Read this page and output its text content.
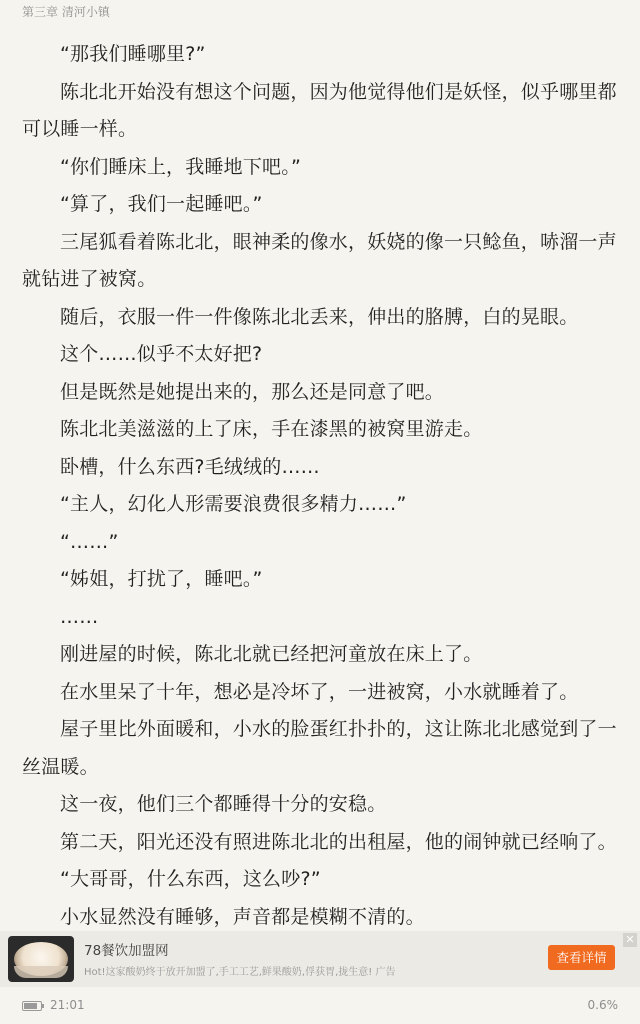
第三章 清河小镇

“那我们睡哪里?”

陈北北开始没有想这个问题，因为他觉得他们是妖怪，似乎哪里都可以睡一样。

“你们睡床上，我睡地下吧。”

“算了，我们一起睡吧。”

三尾狐看着陈北北，眼神柔的像水，妖娆的像一只鲶鱼，哧溜一声就钻进了被窝。

随后，衣服一件一件像陈北北丢来，伸出的胳膊，白的晃眼。

这个……似乎不太好把?

但是既然是她提出来的，那么还是同意了吧。

陈北北美滋滋的上了床，手在漆黑的被窝里游走。

卧槽，什么东西?毛绒绒的……

“主人，幻化人形需要浪费很多精力……”

“……”

“姊姐，打扰了，睡吧。”

……

刚进屋的时候，陈北北就已经把河童放在床上了。

在水里呆了十年，想必是冷坏了，一进被窝，小水就睡着了。

屋子里比外面暖和，小水的脸蛋红扑扑的，这让陈北北感觉到了一丝温暖。

这一夜，他们三个都睡得十分的安稳。

第二天，阳光还没有照进陈北北的出租屋，他的闹钟就已经响了。

“大哥哥，什么东西，这么吵?”

小水显然没有睡够，声音都是模糊不清的。

78餐饮加盟网
Hot!这家酸奶终于放开加盟了,手工工艺,鲜果酸奶,俘获胃,拢生意! 广告
查看详情
✕
21:01	0.6%
